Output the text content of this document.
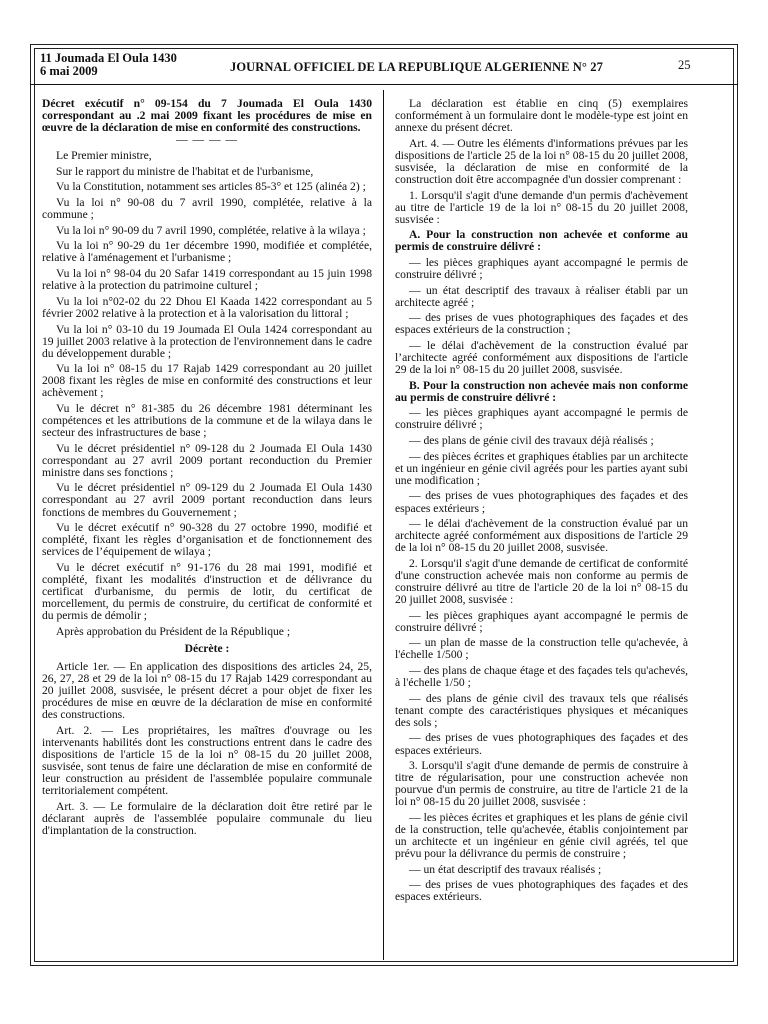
11 Joumada El Oula 1430
6 mai 2009	JOURNAL OFFICIEL DE LA REPUBLIQUE ALGERIENNE N° 27	25

Décret exécutif n° 09-154 du 7 Joumada El Oula 1430 correspondant au .2 mai 2009 fixant les procédures de mise en œuvre de la déclaration de mise en conformité des constructions.

— — — —

Le Premier ministre,

Sur le rapport du ministre de l'habitat et de l'urbanisme,

Vu la Constitution, notamment ses articles 85-3° et 125 (alinéa 2) ;

Vu la loi n° 90-08 du 7 avril 1990, complétée, relative à la commune ;

Vu la loi n° 90-09 du 7 avril 1990, complétée, relative à la wilaya ;

Vu la loi n° 90-29 du 1er décembre 1990, modifiée et complétée, relative à l'aménagement et l'urbanisme ;

Vu la loi n° 98-04 du 20 Safar 1419 correspondant au 15 juin 1998 relative à la protection du patrimoine culturel ;

Vu la loi n°02-02 du 22 Dhou El Kaada 1422 correspondant au 5 février 2002 relative à la protection et à la valorisation du littoral ;

Vu la loi n° 03-10 du 19 Joumada El Oula 1424 correspondant au 19 juillet 2003 relative à la protection de l'environnement dans le cadre du développement durable ;

Vu la loi n° 08-15 du 17 Rajab 1429 correspondant au 20 juillet 2008 fixant les règles de mise en conformité des constructions et leur achèvement ;

Vu le décret n° 81-385 du 26 décembre 1981 déterminant les compétences et les attributions de la commune et de la wilaya dans le secteur des infrastructures de base ;

Vu le décret présidentiel n° 09-128 du 2 Joumada El Oula 1430 correspondant au 27 avril 2009 portant reconduction du Premier ministre dans ses fonctions ;

Vu le décret présidentiel n° 09-129 du 2 Joumada El Oula 1430 correspondant au 27 avril 2009 portant reconduction dans leurs fonctions de membres du Gouvernement ;

Vu le décret exécutif n° 90-328 du 27 octobre 1990, modifié et complété, fixant les règles d’organisation et de fonctionnement des services de l’équipement de wilaya ;

Vu le décret exécutif n° 91-176 du 28 mai 1991, modifié et complété, fixant les modalités d'instruction et de délivrance du certificat d'urbanisme, du permis de lotir, du certificat de morcellement, du permis de construire, du certificat de conformité et du permis de démolir ;

Après approbation du Président de la République ;

Décrète :

Article 1er. — En application des dispositions des articles 24, 25, 26, 27, 28 et 29 de la loi n° 08-15 du 17 Rajab 1429 correspondant au 20 juillet 2008, susvisée, le présent décret a pour objet de fixer les procédures de mise en œuvre de la déclaration de mise en conformité des constructions.

Art. 2. — Les propriétaires, les maîtres d'ouvrage ou les intervenants habilités dont les constructions entrent dans le cadre des dispositions de l'article 15 de la loi n° 08-15 du 20 juillet 2008, susvisée, sont tenus de faire une déclaration de mise en conformité de leur construction au président de l'assemblée populaire communale territorialement compétent.

Art. 3. — Le formulaire de la déclaration doit être retiré par le déclarant auprès de l'assemblée populaire communale du lieu d'implantation de la construction.

La déclaration est établie en cinq (5) exemplaires conformément à un formulaire dont le modèle-type est joint en annexe du présent décret.

Art. 4. — Outre les éléments d'informations prévues par les dispositions de l'article 25 de la loi n° 08-15 du 20 juillet 2008, susvisée, la déclaration de mise en conformité de la construction doit être accompagnée d'un dossier comprenant :

1. Lorsqu'il s'agit d'une demande d'un permis d'achèvement au titre de l'article 19 de la loi n° 08-15 du 20 juillet 2008, susvisée :

A. Pour la construction non achevée et conforme au permis de construire délivré :

— les pièces graphiques ayant accompagné le permis de construire délivré ;

— un état descriptif des travaux à réaliser établi par un architecte agréé ;

— des prises de vues photographiques des façades et des espaces extérieurs de la construction ;

— le délai d'achèvement de la construction évalué par l’architecte agréé conformément aux dispositions de l'article 29 de la loi n° 08-15 du 20 juillet 2008, susvisée.

B. Pour la construction non achevée mais non conforme au permis de construire délivré :

— les pièces graphiques ayant accompagné le permis de construire délivré ;

— des plans de génie civil des travaux déjà réalisés ;

— des pièces écrites et graphiques établies par un architecte et un ingénieur en génie civil agréés pour les parties ayant subi une modification ;

— des prises de vues photographiques des façades et des espaces extérieurs ;

— le délai d'achèvement de la construction évalué par un architecte agréé conformément aux dispositions de l'article 29 de la loi n° 08-15 du 20 juillet 2008, susvisée.

2. Lorsqu'il s'agit d'une demande de certificat de conformité d'une construction achevée mais non conforme au permis de construire délivré au titre de l'article 20 de la loi n° 08-15 du 20 juillet 2008, susvisée :

— les pièces graphiques ayant accompagné le permis de construire délivré ;

— un plan de masse de la construction telle qu'achevée, à l'échelle 1/500 ;

— des plans de chaque étage et des façades tels qu'achevés, à l'échelle 1/50 ;

— des plans de génie civil des travaux tels que réalisés tenant compte des caractéristiques physiques et mécaniques des sols ;

— des prises de vues photographiques des façades et des espaces extérieurs.

3. Lorsqu'il s'agit d'une demande de permis de construire à titre de régularisation, pour une construction achevée non pourvue d'un permis de construire, au titre de l'article 21 de la loi n° 08-15 du 20 juillet 2008, susvisée :

— les pièces écrites et graphiques et les plans de génie civil de la construction, telle qu'achevée, établis conjointement par un architecte et un ingénieur en génie civil agréés, tel que prévu pour la délivrance du permis de construire ;

— un état descriptif des travaux réalisés ;

— des prises de vues photographiques des façades et des espaces extérieurs.
